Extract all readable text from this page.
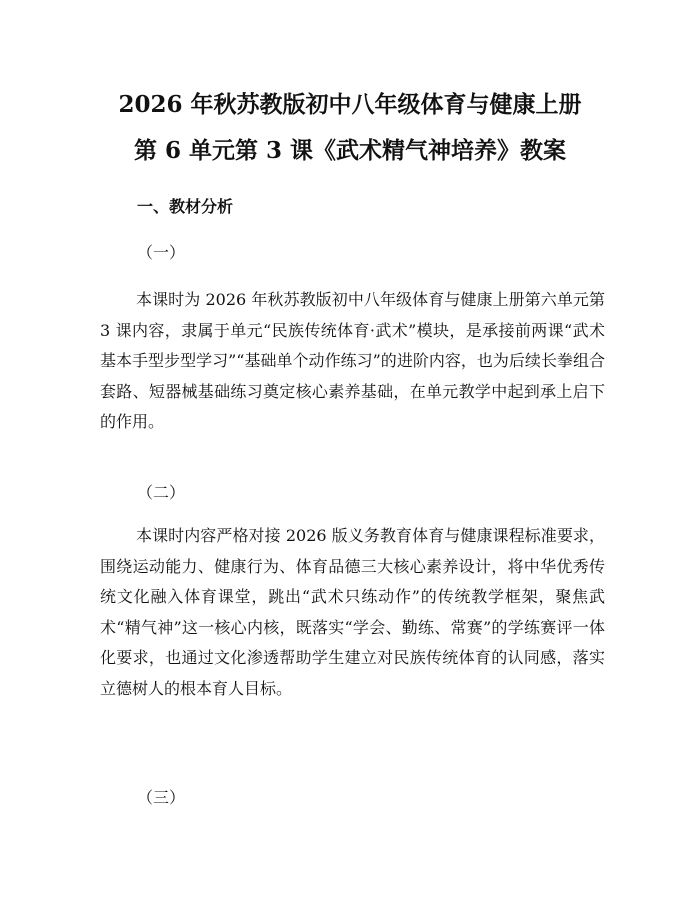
2026 年秋苏教版初中八年级体育与健康上册
第 6 单元第 3 课《武术精气神培养》教案
一、教材分析
（一）

本课时为 2026 年秋苏教版初中八年级体育与健康上册第六单元第 3 课内容，隶属于单元“民族传统体育·武术”模块，是承接前两课“武术基本手型步型学习”“基础单个动作练习”的进阶内容，也为后续长拳组合套路、短器械基础练习奠定核心素养基础，在单元教学中起到承上启下的作用。

（二）

本课时内容严格对接 2026 版义务教育体育与健康课程标准要求，围绕运动能力、健康行为、体育品德三大核心素养设计，将中华优秀传统文化融入体育课堂，跳出“武术只练动作”的传统教学框架，聚焦武术“精气神”这一核心内核，既落实“学会、勤练、常赛”的学练赛评一体化要求，也通过文化渗透帮助学生建立对民族传统体育的认同感，落实立德树人的根本育人目标。

（三）
